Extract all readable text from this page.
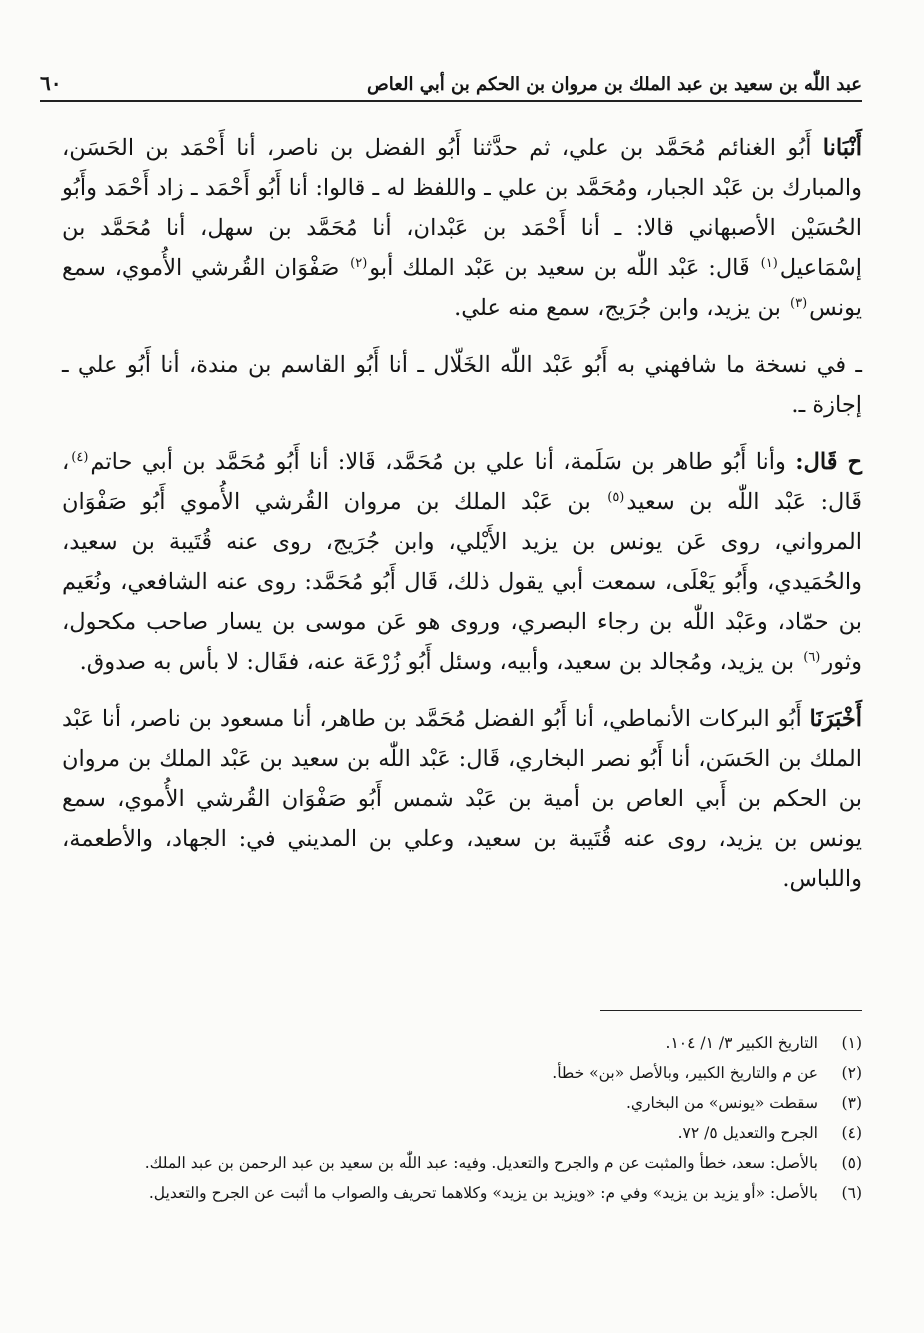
عبد اللّٰه بن سعيد بن عبد الملك بن مروان بن الحكم بن أبي العاص
٦٠

أَنْبَانا أَبُو الغنائم مُحَمَّد بن علي، ثم حدَّثنا أَبُو الفضل بن ناصر، أنا أَحْمَد بن الحَسَن، والمبارك بن عَبْد الجبار، ومُحَمَّد بن علي ـ واللفظ له ـ قالوا: أنا أَبُو أَحْمَد ـ زاد أَحْمَد وأَبُو الحُسَيْن الأصبهاني قالا: ـ أنا أَحْمَد بن عَبْدان، أنا مُحَمَّد بن سهل، أنا مُحَمَّد بن إسْمَاعيل$^{(١)}$ قَال: عَبْد اللّٰه بن سعيد بن عَبْد الملك أبو$^{(٢)}$ صَفْوَان القُرشي الأُموي، سمع يونس$^{(٣)}$ بن يزيد، وابن جُرَيج، سمع منه علي.

ـ في نسخة ما شافهني به أَبُو عَبْد اللّٰه الخَلّال ـ أنا أَبُو القاسم بن مندة، أنا أَبُو علي ـ إجازة ـ.

ح قَال: وأنا أَبُو طاهر بن سَلَمة، أنا علي بن مُحَمَّد، قَالا: أنا أَبُو مُحَمَّد بن أبي حاتم$^{(٤)}$، قَال: عَبْد اللّٰه بن سعيد$^{(٥)}$ بن عَبْد الملك بن مروان القُرشي الأُموي أَبُو صَفْوَان المرواني، روى عَن يونس بن يزيد الأَيْلي، وابن جُرَيج، روى عنه قُتَيبة بن سعيد، والحُمَيدي، وأَبُو يَعْلَى، سمعت أبي يقول ذلك، قَال أَبُو مُحَمَّد: روى عنه الشافعي، ونُعَيم بن حمّاد، وعَبْد اللّٰه بن رجاء البصري، وروى هو عَن موسى بن يسار صاحب مكحول، وثور$^{(٦)}$ بن يزيد، ومُجالد بن سعيد، وأبيه، وسئل أَبُو زُرْعَة عنه، فقَال: لا بأس به صدوق.

أَخْبَرَنَا أَبُو البركات الأنماطي، أنا أَبُو الفضل مُحَمَّد بن طاهر، أنا مسعود بن ناصر، أنا عَبْد الملك بن الحَسَن، أنا أَبُو نصر البخاري، قَال: عَبْد اللّٰه بن سعيد بن عَبْد الملك بن مروان بن الحكم بن أَبي العاص بن أمية بن عَبْد شمس أَبُو صَفْوَان القُرشي الأُموي، سمع يونس بن يزيد، روى عنه قُتَيبة بن سعيد، وعلي بن المديني في: الجهاد، والأطعمة، واللباس.

(١)
التاريخ الكبير ٣/ ١/ ١٠٤.
(٢)
عن م والتاريخ الكبير، وبالأصل «بن» خطأ.
(٣)
سقطت «يونس» من البخاري.
(٤)
الجرح والتعديل ٥/ ٧٢.
(٥)
بالأصل: سعد، خطأ والمثبت عن م والجرح والتعديل. وفيه: عبد اللّٰه بن سعيد بن عبد الرحمن بن عبد الملك.
(٦)
بالأصل: «أو يزيد بن يزيد» وفي م: «ويزيد بن يزيد» وكلاهما تحريف والصواب ما أثبت عن الجرح والتعديل.
